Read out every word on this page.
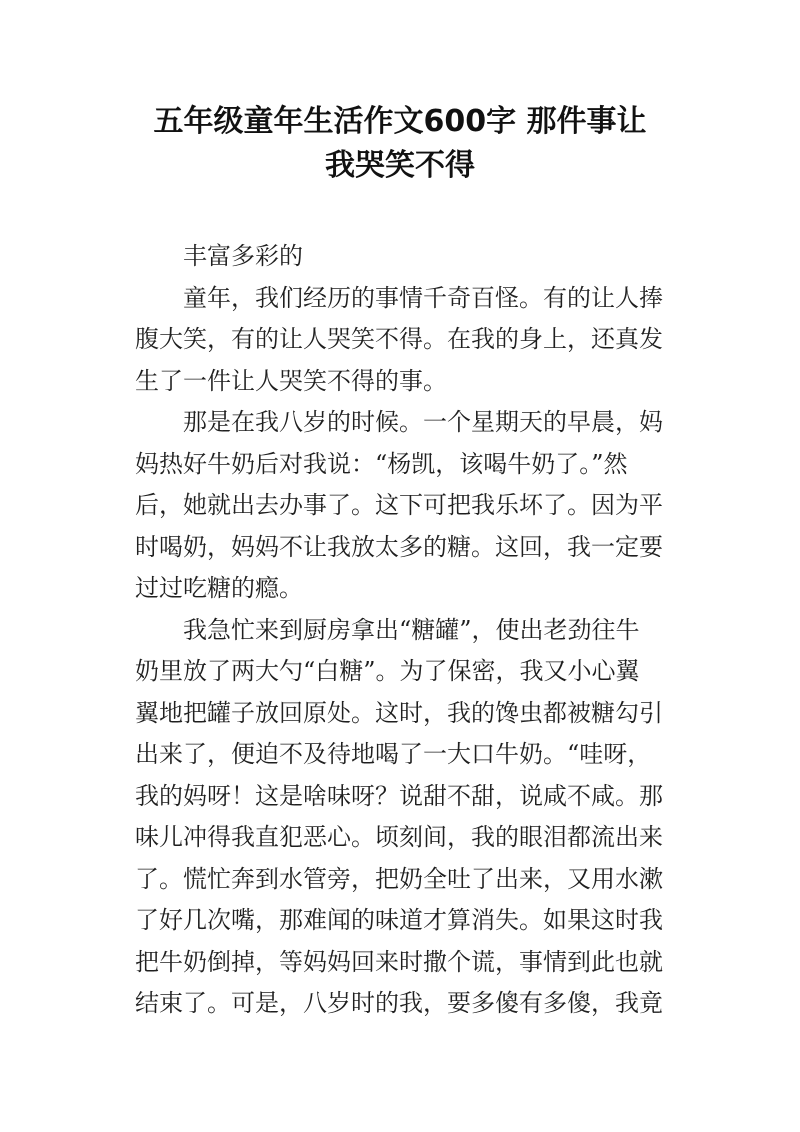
五年级童年生活作文600字 那件事让
我哭笑不得
丰富多彩的
童年，我们经历的事情千奇百怪。有的让人捧
腹大笑，有的让人哭笑不得。在我的身上，还真发
生了一件让人哭笑不得的事。
那是在我八岁的时候。一个星期天的早晨，妈
妈热好牛奶后对我说：“杨凯，该喝牛奶了。”然
后，她就出去办事了。这下可把我乐坏了。因为平
时喝奶，妈妈不让我放太多的糖。这回，我一定要
过过吃糖的瘾。
我急忙来到厨房拿出“糖罐”，使出老劲往牛
奶里放了两大勺“白糖”。为了保密，我又小心翼
翼地把罐子放回原处。这时，我的馋虫都被糖勾引
出来了，便迫不及待地喝了一大口牛奶。“哇呀，
我的妈呀！这是啥味呀？说甜不甜，说咸不咸。那
味儿冲得我直犯恶心。顷刻间，我的眼泪都流出来
了。慌忙奔到水管旁，把奶全吐了出来，又用水漱
了好几次嘴，那难闻的味道才算消失。如果这时我
把牛奶倒掉，等妈妈回来时撒个谎，事情到此也就
结束了。可是，八岁时的我，要多傻有多傻，我竟
